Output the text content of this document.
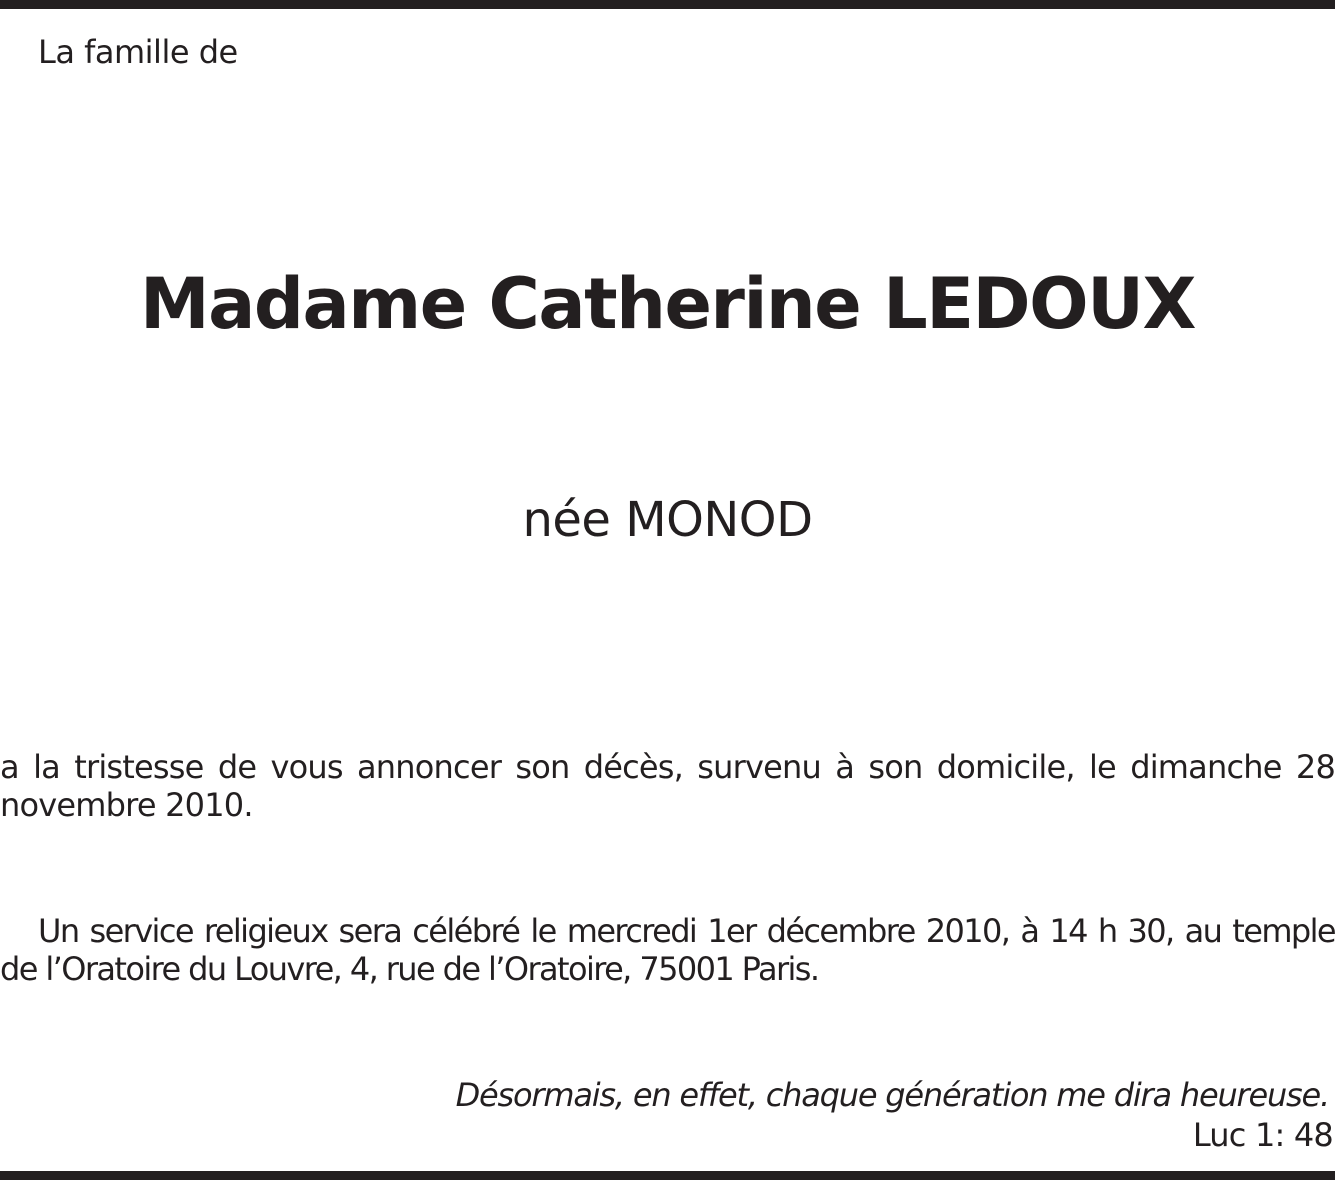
La famille de
Madame Catherine LEDOUX
née MONOD
a la tristesse de vous annoncer son décès, survenu à son domicile, le dimanche 28 novembre 2010.
Un service religieux sera célébré le mercredi 1er décembre 2010, à 14 h 30, au temple de l’Oratoire du Louvre, 4, rue de l’Oratoire, 75001 Paris.
Désormais, en effet, chaque génération me dira heureuse.
Luc 1: 48
